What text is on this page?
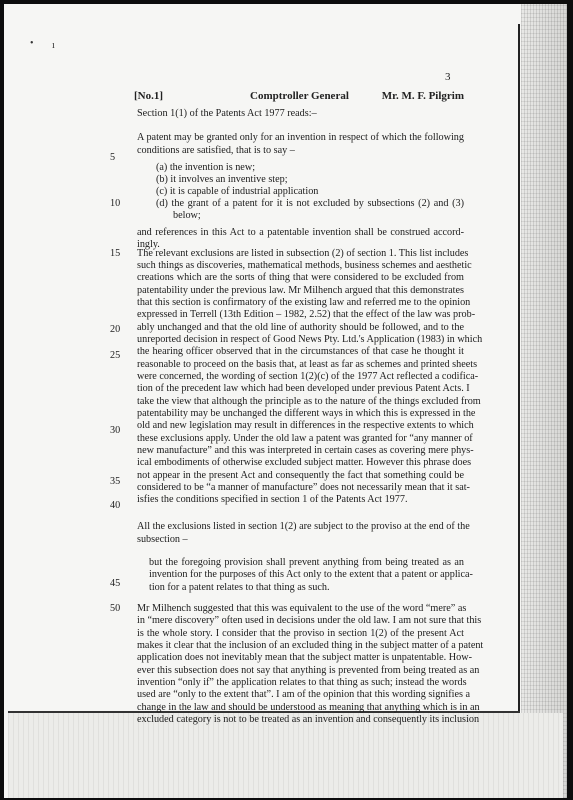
• ı
3
[No.1]	Comptroller General	Mr. M. F. Pilgrim
5
10
15
20
25
30
35
40
45
50
Section 1(1) of the Patents Act 1977 reads:–
A patent may be granted only for an invention in respect of which the following
conditions are satisfied, that is to say –
(a) the invention is new;
(b) it involves an inventive step;
(c) it is capable of industrial application
(d) the grant of a patent for it is not excluded by subsections (2) and (3)
below;
and references in this Act to a patentable invention shall be construed accord-
ingly.
The relevant exclusions are listed in subsection (2) of section 1. This list includes
such things as discoveries, mathematical methods, business schemes and aesthetic
creations which are the sorts of thing that were considered to be excluded from
patentability under the previous law. Mr Milhench argued that this demonstrates
that this section is confirmatory of the existing law and referred me to the opinion
expressed in Terrell (13th Edition – 1982, 2.52) that the effect of the law was prob-
ably unchanged and that the old line of authority should be followed, and to the
unreported decision in respect of Good News Pty. Ltd.'s Application (1983) in which
the hearing officer observed that in the circumstances of that case he thought it
reasonable to proceed on the basis that, at least as far as schemes and printed sheets
were concerned, the wording of section 1(2)(c) of the 1977 Act reflected a codifica-
tion of the precedent law which had been developed under previous Patent Acts. I
take the view that although the principle as to the nature of the things excluded from
patentability may be unchanged the different ways in which this is expressed in the
old and new legislation may result in differences in the respective extents to which
these exclusions apply. Under the old law a patent was granted for “any manner of
new manufacture” and this was interpreted in certain cases as covering mere phys-
ical embodiments of otherwise excluded subject matter. However this phrase does
not appear in the present Act and consequently the fact that something could be
considered to be “a manner of manufacture” does not necessarily mean that it sat-
isfies the conditions specified in section 1 of the Patents Act 1977.
All the exclusions listed in section 1(2) are subject to the proviso at the end of the
subsection –
but the foregoing provision shall prevent anything from being treated as an
invention for the purposes of this Act only to the extent that a patent or applica-
tion for a patent relates to that thing as such.
Mr Milhench suggested that this was equivalent to the use of the word “mere” as
in “mere discovery” often used in decisions under the old law. I am not sure that this
is the whole story. I consider that the proviso in section 1(2) of the present Act
makes it clear that the inclusion of an excluded thing in the subject matter of a patent
application does not inevitably mean that the subject matter is unpatentable. How-
ever this subsection does not say that anything is prevented from being treated as an
invention “only if” the application relates to that thing as such; instead the words
used are “only to the extent that”. I am of the opinion that this wording signifies a
change in the law and should be understood as meaning that anything which is in an
excluded category is not to be treated as an invention and consequently its inclusion
